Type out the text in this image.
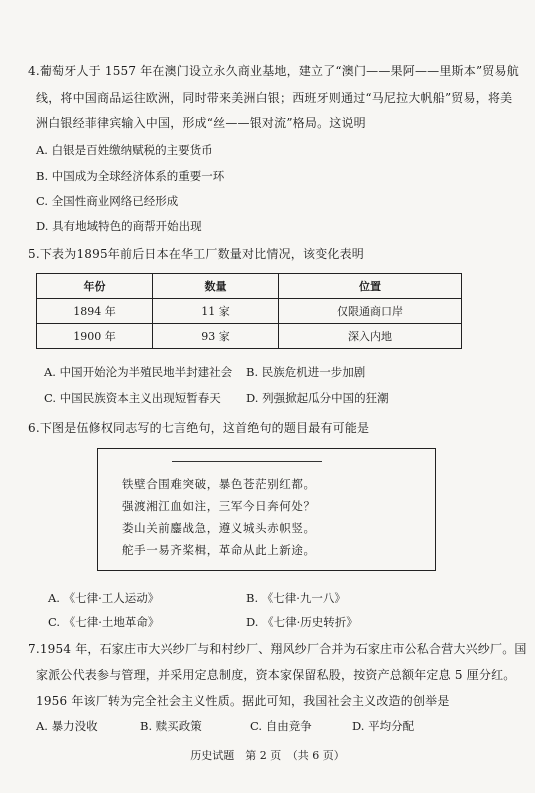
4.葡萄牙人于 1557 年在澳门设立永久商业基地，建立了“澳门——果阿——里斯本”贸易航
线，将中国商品运往欧洲，同时带来美洲白银；西班牙则通过“马尼拉大帆船”贸易，将美
洲白银经菲律宾输入中国，形成“丝——银对流”格局。这说明
A. 白银是百姓缴纳赋税的主要货币
B. 中国成为全球经济体系的重要一环
C. 全国性商业网络已经形成
D. 具有地域特色的商帮开始出现
5.下表为1895年前后日本在华工厂数量对比情况，该变化表明
年份	数量	位置
1894 年	11 家	仅限通商口岸
1900 年	93 家	深入内地
A. 中国开始沦为半殖民地半封建社会 B. 民族危机进一步加剧
C. 中国民族资本主义出现短暂春天 D. 列强掀起瓜分中国的狂潮
6.下图是伍修权同志写的七言绝句，这首绝句的题目最有可能是
铁壁合围难突破，暴色苍茫别红都。
强渡湘江血如注，三军今日奔何处？
娄山关前鏖战急，遵义城头赤帜竖。
舵手一易齐桨楫，革命从此上新途。
A. 《七律·工人运动》	B. 《七律·九一八》
C. 《七律·土地革命》	D. 《七律·历史转折》
7.1954 年，石家庄市大兴纱厂与和村纱厂、翔风纱厂合并为石家庄市公私合营大兴纱厂。国
家派公代表参与管理，并采用定息制度，资本家保留私股，按资产总额年定息 5 厘分红。
1956 年该厂转为完全社会主义性质。据此可知，我国社会主义改造的创举是
A. 暴力没收	B. 赎买政策	C. 自由竞争	D. 平均分配
历史试题　第 2 页　（共 6 页）
